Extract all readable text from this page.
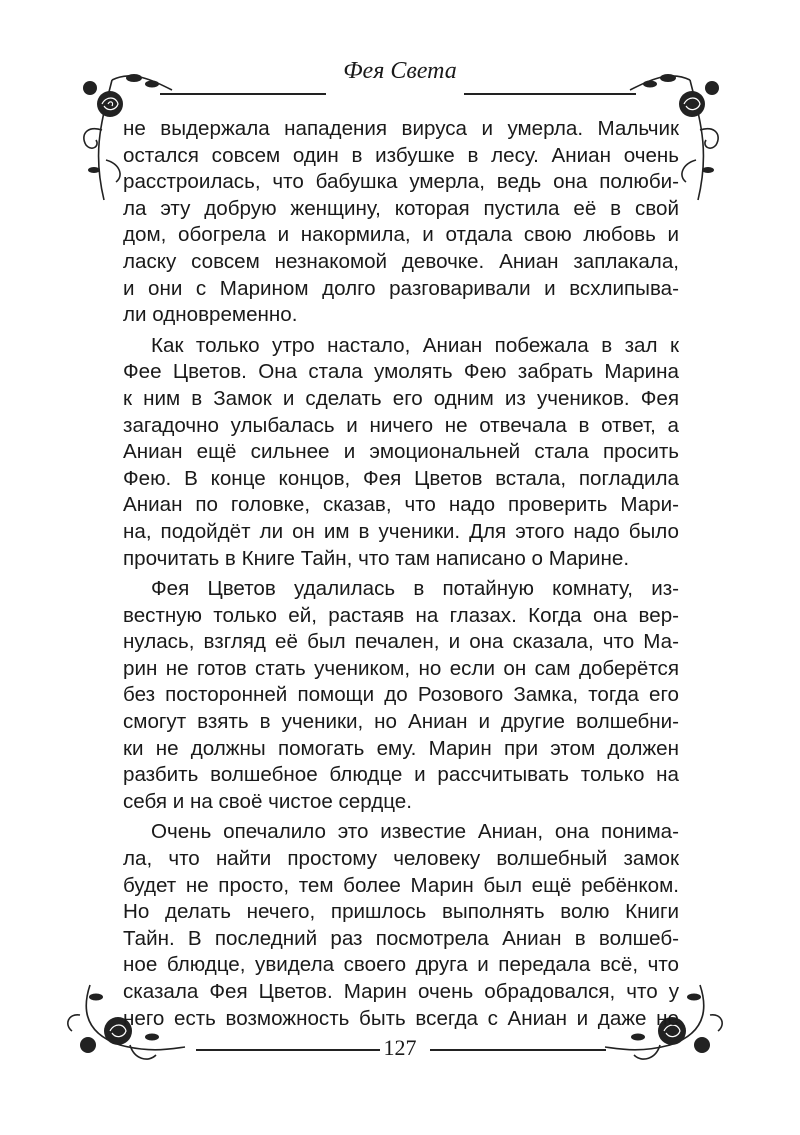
Фея Света
не выдержала нападения вируса и умерла. Мальчик
остался совсем один в избушке в лесу. Аниан очень
расстроилась, что бабушка умерла, ведь она полюби-
ла эту добрую женщину, которая пустила её в свой
дом, обогрела и накормила, и отдала свою любовь и
ласку совсем незнакомой девочке. Аниан заплакала,
и они с Марином долго разговаривали и всхлипыва-
ли одновременно.
Как только утро настало, Аниан побежала в зал к
Фее Цветов. Она стала умолять Фею забрать Марина
к ним в Замок и сделать его одним из учеников. Фея
загадочно улыбалась и ничего не отвечала в ответ, а
Аниан ещё сильнее и эмоциональней стала просить
Фею. В конце концов, Фея Цветов встала, погладила
Аниан по головке, сказав, что надо проверить Мари-
на, подойдёт ли он им в ученики. Для этого надо было
прочитать в Книге Тайн, что там написано о Марине.
Фея Цветов удалилась в потайную комнату, из-
вестную только ей, растаяв на глазах. Когда она вер-
нулась, взгляд её был печален, и она сказала, что Ма-
рин не готов стать учеником, но если он сам доберётся
без посторонней помощи до Розового Замка, тогда его
смогут взять в ученики, но Аниан и другие волшебни-
ки не должны помогать ему. Марин при этом должен
разбить волшебное блюдце и рассчитывать только на
себя и на своё чистое сердце.
Очень опечалило это известие Аниан, она понима-
ла, что найти простому человеку волшебный замок
будет не просто, тем более Марин был ещё ребёнком.
Но делать нечего, пришлось выполнять волю Книги
Тайн. В последний раз посмотрела Аниан в волшеб-
ное блюдце, увидела своего друга и передала всё, что
сказала Фея Цветов. Марин очень обрадовался, что у
него есть возможность быть всегда с Аниан и даже не
127
